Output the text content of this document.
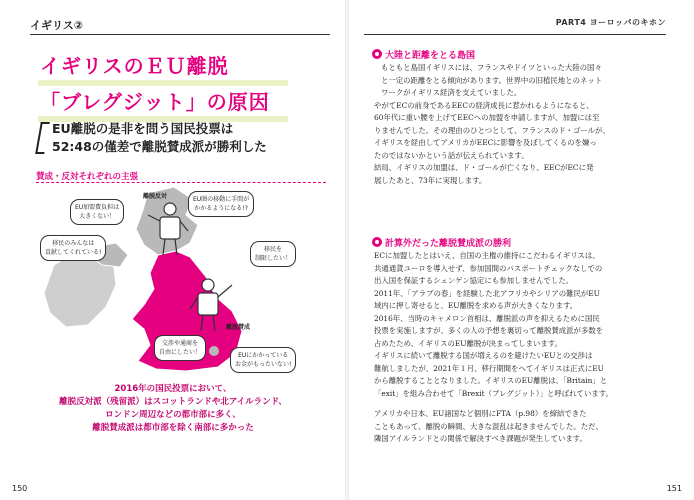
イギリス②
イギリスのＥＵ離脱
「ブレグジット」の原因
EU離脱の是非を問う国民投票は
52:48の僅差で離脱賛成派が勝利した
賛成・反対それぞれの主張
離脱反対
離脱賛成
EU加盟費負担は
大きくない！
EU圏の移動に手間が
かかるようになる!?
移民のみんなは
貢献してくれている!	移民を
制限したい！
交渉や通商を
自由にしたい！	EUにかかっている
お金がもったいない!
2016年の国民投票において、
離脱反対派（残留派）はスコットランドや北アイルランド、
ロンドン周辺などの都市部に多く、
離脱賛成派は都市部を除く南部に多かった
150
PART4 ヨーロッパのキホン
大陸と距離をとる島国
もともと島国イギリスには、フランスやドイツといった大陸の国々
と一定の距離をとる傾向があります。世界中の旧植民地とのネット
ワークがイギリス経済を支えていました。
やがてECの前身であるEECの経済成長に惹かれるようになると、
60年代に重い腰を上げてEECへの加盟を申請しますが、加盟には至
りませんでした。その理由のひとつとして、フランスのド・ゴールが、
イギリスを経由してアメリカがEECに影響を及ぼしてくるのを嫌っ
たのではないかという話が伝えられています。
結局、イギリスの加盟は、ド・ゴールが亡くなり、EECがECに発
展したあと、73年に実現します。
計算外だった離脱賛成派の勝利
ECに加盟したとはいえ、自国の主権の維持にこだわるイギリスは、
共通通貨ユーロを導入せず、参加国間のパスポートチェックなしでの
出入国を保証するシェンゲン協定にも参加しませんでした。
2011年、「アラブの春」を経験した北アフリカやシリアの難民がEU
域内に押し寄せると、EU離脱を求める声が大きくなります。
2016年、当時のキャメロン首相は、離脱派の声を抑えるために国民
投票を実施しますが、多くの人の予想を裏切って離脱賛成派が多数を
占めたため、イギリスのEU離脱が決まってしまいます。
イギリスに続いて離脱する国が増えるのを避けたいEUとの交渉は
難航しましたが、2021年１月、移行期間をへてイギリスは正式にEU
から離脱することとなりました。イギリスのEU離脱は、「Britain」と
「exit」を組み合わせて「Brexit（ブレグジット）」と呼ばれています。
アメリカや日本、EU諸国など個別にFTA（p.98）を締結できた
こともあって、離脱の瞬間、大きな混乱は起きませんでした。ただ、
隣国アイルランドとの関係で解決すべき課題が発生しています。
151
